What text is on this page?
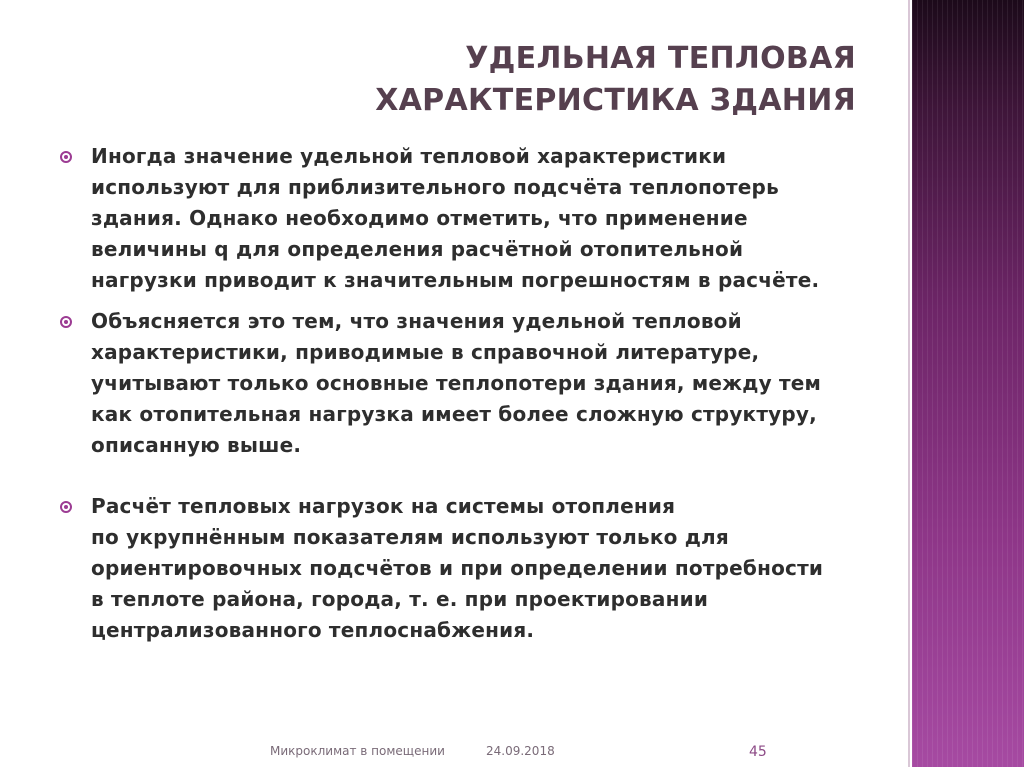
УДЕЛЬНАЯ ТЕПЛОВАЯ
ХАРАКТЕРИСТИКА ЗДАНИЯ
Иногда значение удельной тепловой характеристики
используют для приблизительного подсчёта теплопотерь
здания. Однако необходимо отметить, что применение
величины q для определения расчётной отопительной
нагрузки приводит к значительным погрешностям в расчёте.
Объясняется это тем, что значения удельной тепловой
характеристики, приводимые в справочной литературе,
учитывают только основные теплопотери здания, между тем
как отопительная нагрузка имеет более сложную структуру,
описанную выше.
Расчёт тепловых нагрузок на системы отопления
по укрупнённым показателям используют только для
ориентировочных подсчётов и при определении потребности
в теплоте района, города, т. е. при проектировании
централизованного теплоснабжения.
Микроклимат в помещении	24.09.2018	45
